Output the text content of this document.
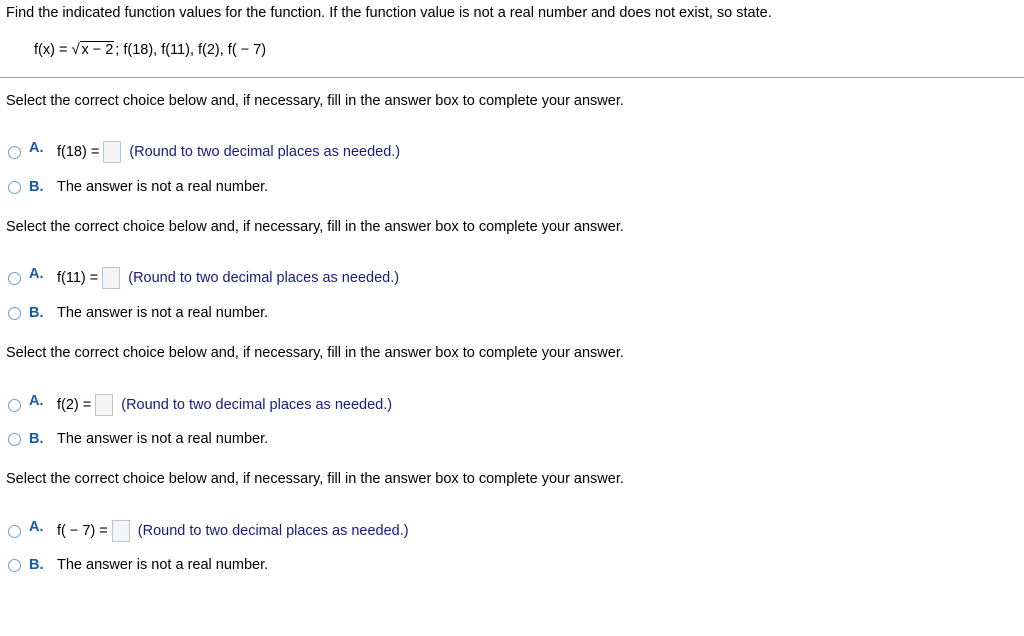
Find the indicated function values for the function. If the function value is not a real number and does not exist, so state.
f(x) = √ x − 2 ; f(18), f(11), f(2), f( − 7)
Select the correct choice below and, if necessary, fill in the answer box to complete your answer.
A. f(18) = (Round to two decimal places as needed.)
B. The answer is not a real number.
Select the correct choice below and, if necessary, fill in the answer box to complete your answer.
A. f(11) = (Round to two decimal places as needed.)
B. The answer is not a real number.
Select the correct choice below and, if necessary, fill in the answer box to complete your answer.
A. f(2) = (Round to two decimal places as needed.)
B. The answer is not a real number.
Select the correct choice below and, if necessary, fill in the answer box to complete your answer.
A. f( − 7) = (Round to two decimal places as needed.)
B. The answer is not a real number.
